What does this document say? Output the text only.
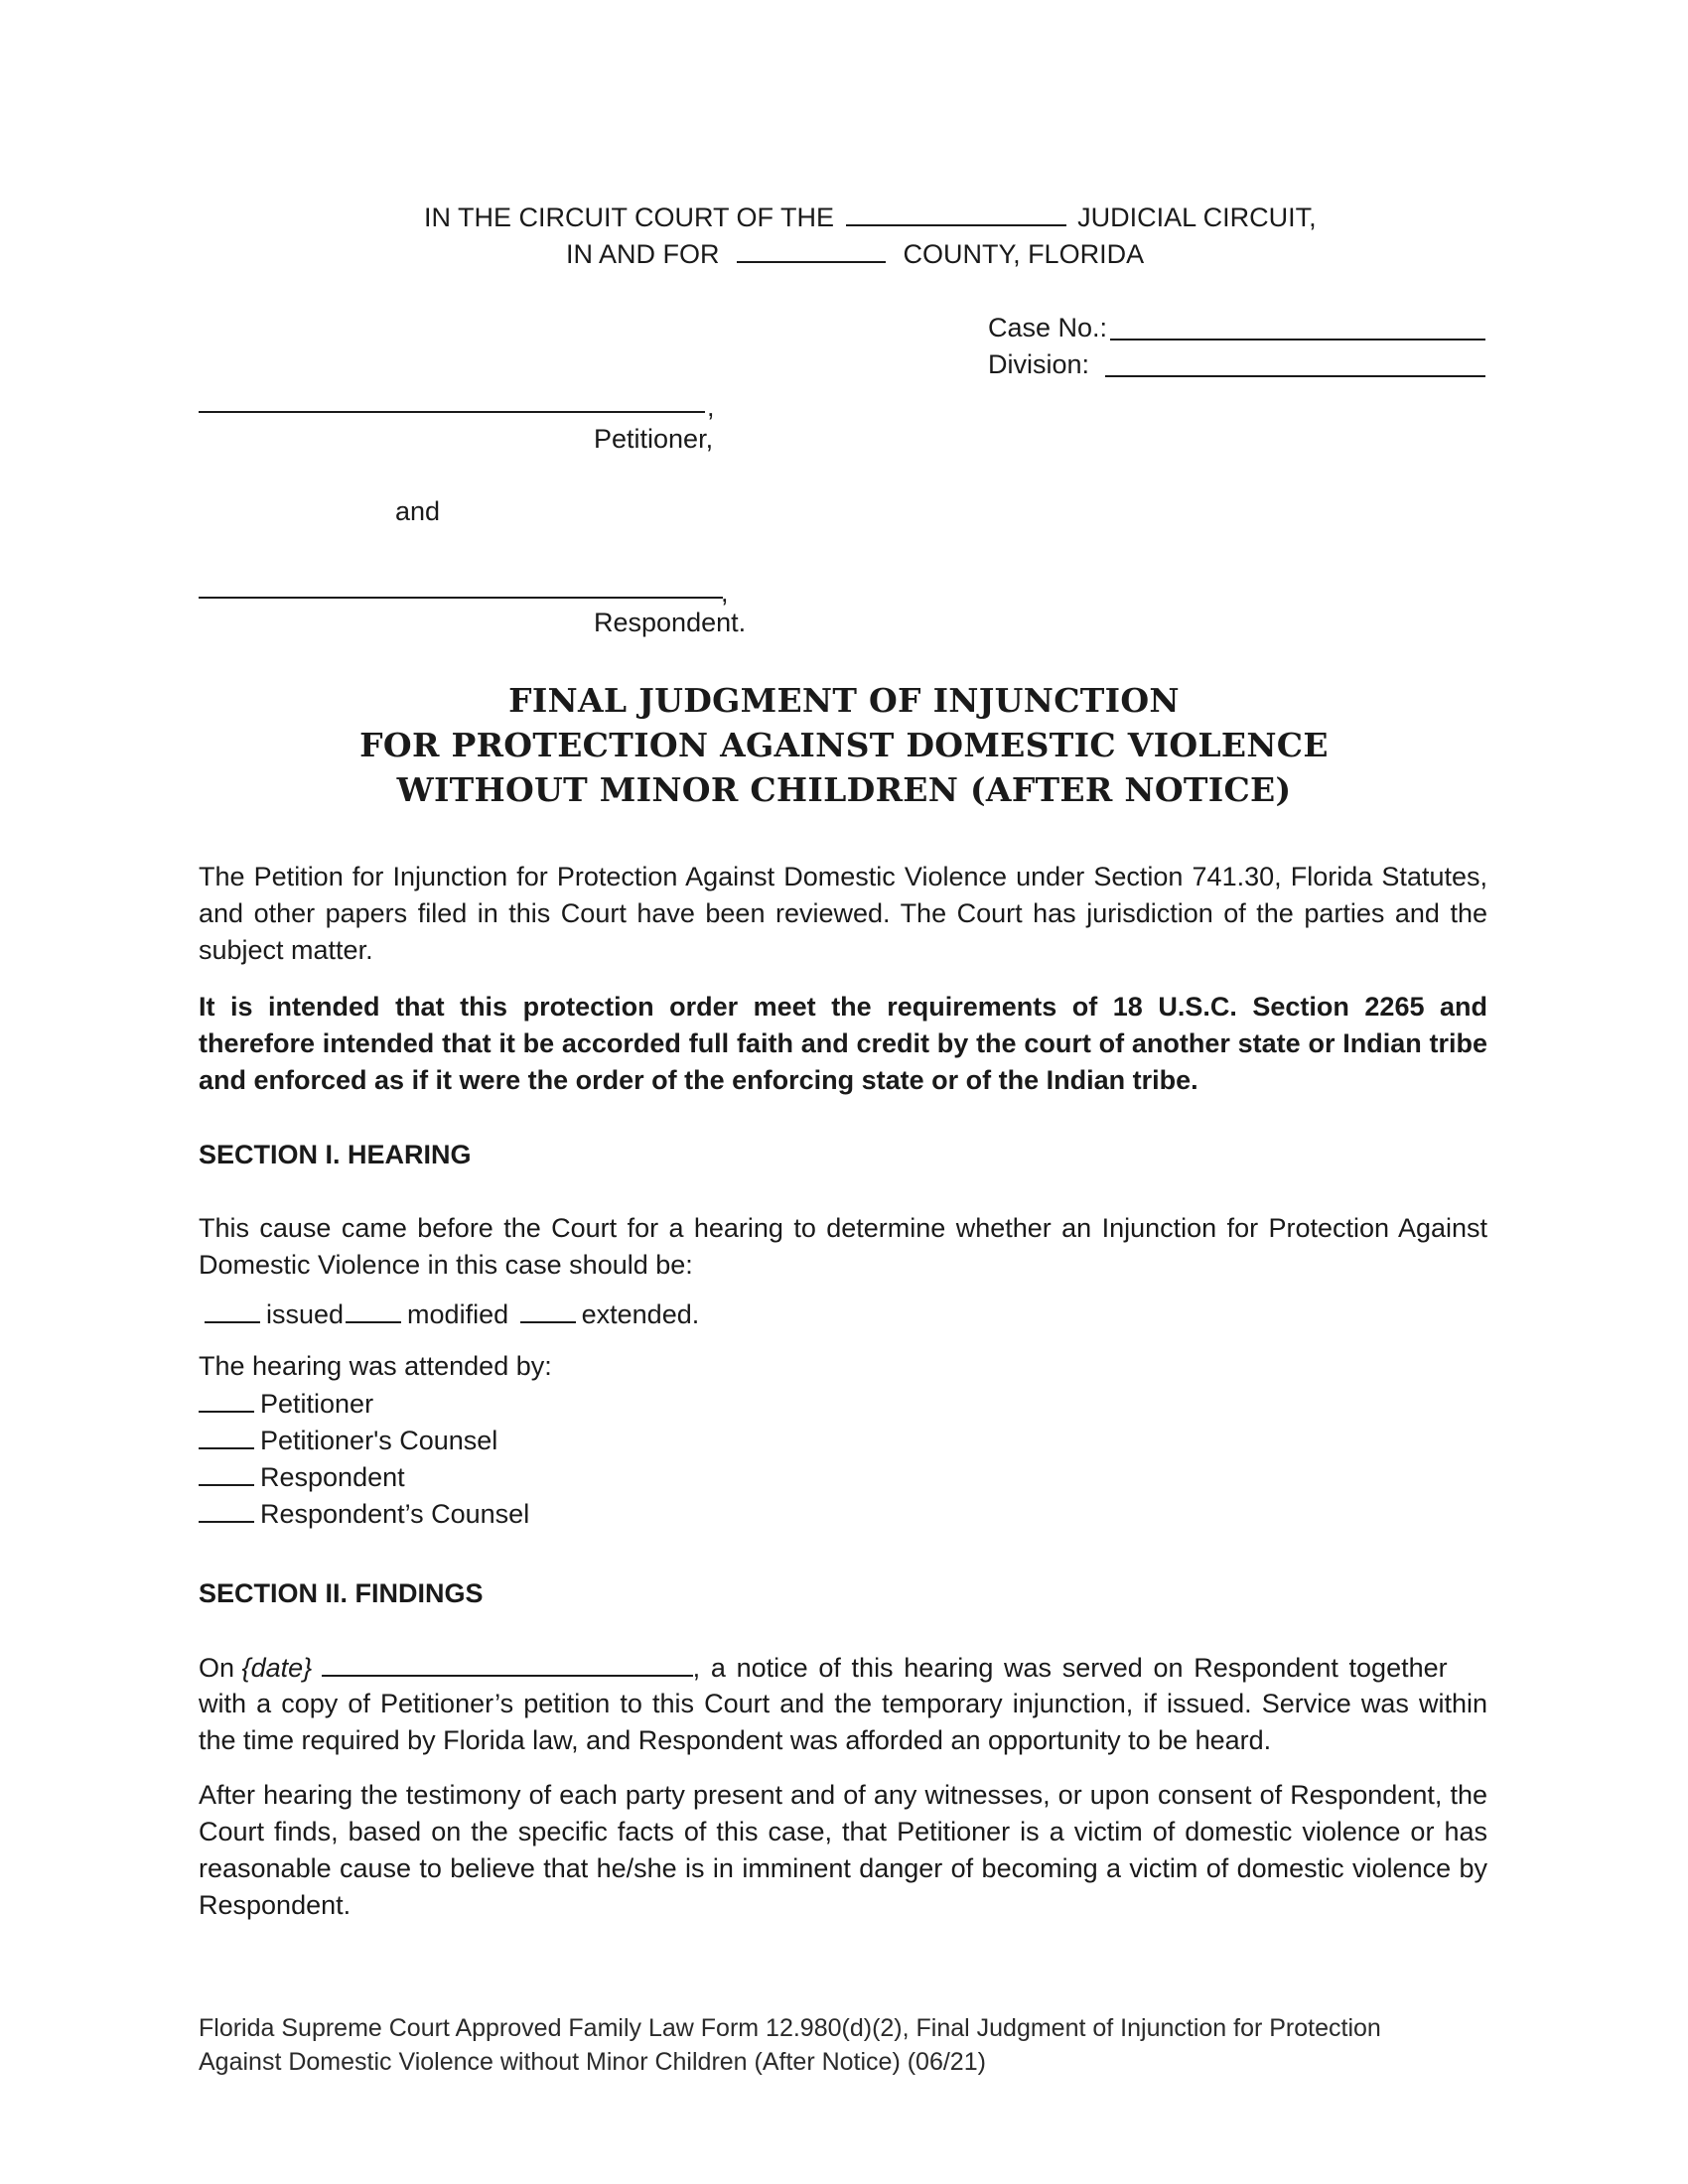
IN THE CIRCUIT COURT OF THE	JUDICIAL CIRCUIT,
IN AND FOR	COUNTY, FLORIDA
Case No.:
Division:
,
Petitioner,
and
,
Respondent.
FINAL JUDGMENT OF INJUNCTION
FOR PROTECTION AGAINST DOMESTIC VIOLENCE
WITHOUT MINOR CHILDREN (AFTER NOTICE)
The Petition for Injunction for Protection Against Domestic Violence under Section 741.30, Florida Statutes, and other papers filed in this Court have been reviewed. The Court has jurisdiction of the parties and the subject matter.
It is intended that this protection order meet the requirements of 18 U.S.C. Section 2265 and therefore intended that it be accorded full faith and credit by the court of another state or Indian tribe and enforced as if it were the order of the enforcing state or of the Indian tribe.
SECTION I. HEARING
This cause came before the Court for a hearing to determine whether an Injunction for Protection Against Domestic Violence in this case should be:
issued modified	extended.
The hearing was attended by:
Petitioner
Petitioner's Counsel
Respondent
Respondent’s Counsel
SECTION II. FINDINGS
On {date}	, a notice of this hearing was served on Respondent together
with a copy of Petitioner’s petition to this Court and the temporary injunction, if issued. Service was within the time required by Florida law, and Respondent was afforded an opportunity to be heard.
After hearing the testimony of each party present and of any witnesses, or upon consent of Respondent, the Court finds, based on the specific facts of this case, that Petitioner is a victim of domestic violence or has reasonable cause to believe that he/she is in imminent danger of becoming a victim of domestic violence by Respondent.
Florida Supreme Court Approved Family Law Form 12.980(d)(2), Final Judgment of Injunction for Protection
Against Domestic Violence without Minor Children (After Notice) (06/21)
